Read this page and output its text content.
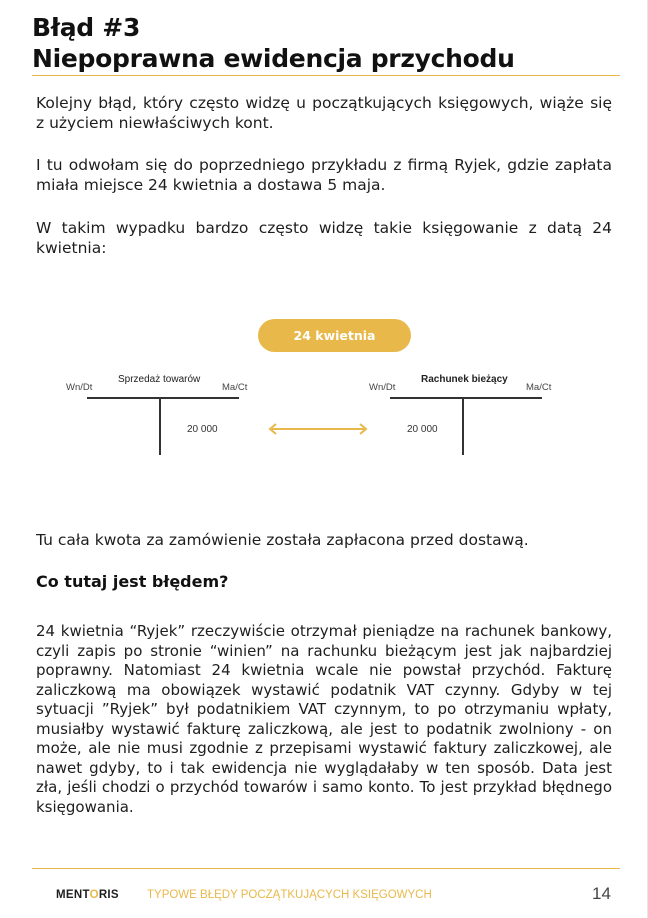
Błąd #3
Niepoprawna ewidencja przychodu
Kolejny błąd, który często widzę u początkujących księgowych, wiąże się z użyciem niewłaściwych kont.
I tu odwołam się do poprzedniego przykładu z firmą Ryjek, gdzie zapłata miała miejsce 24 kwietnia a dostawa 5 maja.
W takim wypadku bardzo często widzę takie księgowanie z datą 24 kwietnia:
24 kwietnia
Sprzedaż towarów
Wn/Dt	Ma/Ct
20 000
Rachunek bieżący
Wn/Dt	Ma/Ct
20 000
Tu cała kwota za zamówienie została zapłacona przed dostawą.
Co tutaj jest błędem?
24 kwietnia “Ryjek” rzeczywiście otrzymał pieniądze na rachunek bankowy, czyli zapis po stronie “winien” na rachunku bieżącym jest jak najbardziej poprawny. Natomiast 24 kwietnia wcale nie powstał przychód. Fakturę zaliczkową ma obowiązek wystawić podatnik VAT czynny. Gdyby w tej sytuacji ”Ryjek” był podatnikiem VAT czynnym, to po otrzymaniu wpłaty, musiałby wystawić fakturę zaliczkową, ale jest to podatnik zwolniony - on może, ale nie musi zgodnie z przepisami wystawić faktury zaliczkowej, ale nawet gdyby, to i tak ewidencja nie wyglądałaby w ten sposób. Data jest zła, jeśli chodzi o przychód towarów i samo konto. To jest przykład błędnego księgowania.
MENTORIS TYPOWE BŁĘDY POCZĄTKUJĄCYCH KSIĘGOWYCH	14
